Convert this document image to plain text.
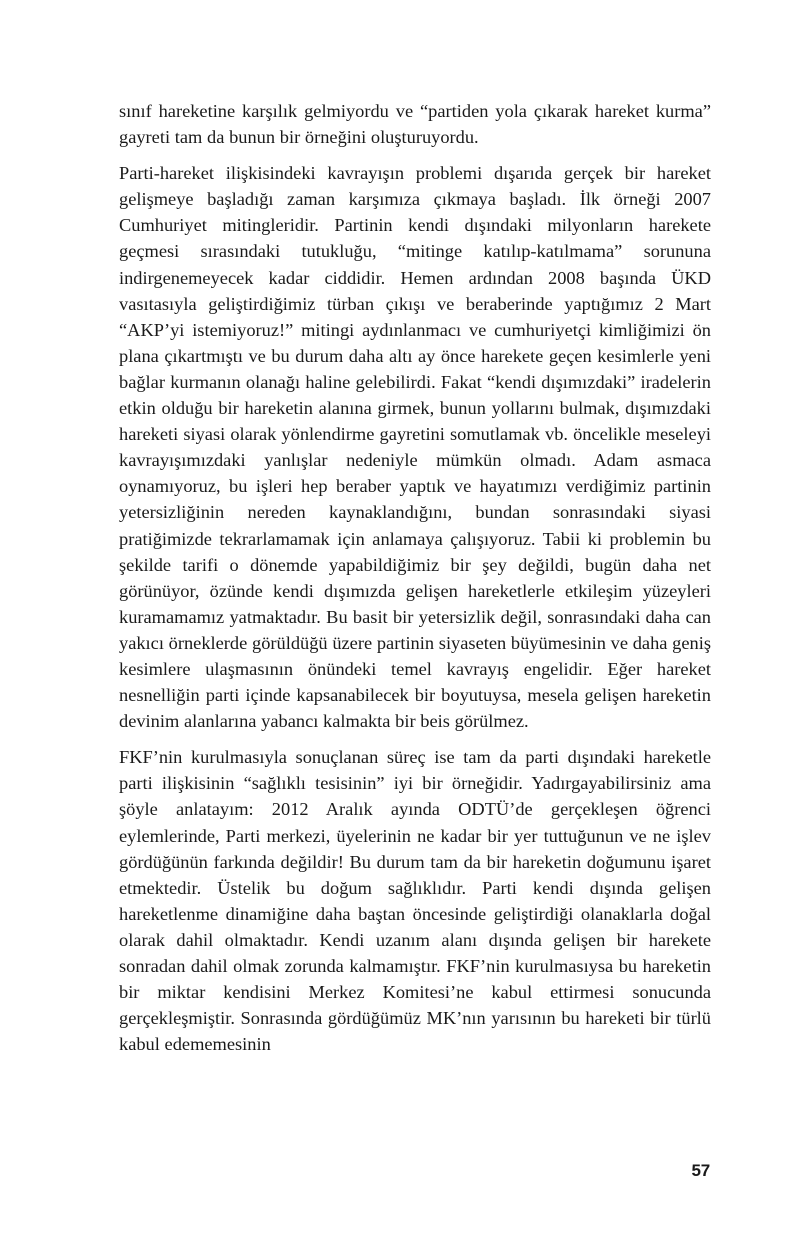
sınıf hareketine karşılık gelmiyordu ve “partiden yola çıkarak hareket kurma” gayreti tam da bunun bir örneğini oluşturuyordu.

Parti-hareket ilişkisindeki kavrayışın problemi dışarıda gerçek bir hareket gelişmeye başladığı zaman karşımıza çıkmaya başladı. İlk örneği 2007 Cumhuriyet mitingleridir. Partinin kendi dışındaki milyonların harekete geçmesi sırasındaki tutukluğu, “mitinge katılıp-katılmama” sorununa indirgenemeyecek kadar ciddidir. Hemen ardından 2008 başında ÜKD vasıtasıyla geliştirdiğimiz türban çıkışı ve beraberinde yaptığımız 2 Mart “AKP’yi istemiyoruz!” mitingi aydınlanmacı ve cumhuriyetçi kimliğimizi ön plana çıkartmıştı ve bu durum daha altı ay önce harekete geçen kesimlerle yeni bağlar kurmanın olanağı haline gelebilirdi. Fakat “kendi dışımızdaki” iradelerin etkin olduğu bir hareketin alanına girmek, bunun yollarını bulmak, dışımızdaki hareketi siyasi olarak yönlendirme gayretini somutlamak vb. öncelikle meseleyi kavrayışımızdaki yanlışlar nedeniyle mümkün olmadı. Adam asmaca oynamıyoruz, bu işleri hep beraber yaptık ve hayatımızı verdiğimiz partinin yetersizliğinin nereden kaynaklandığını, bundan sonrasındaki siyasi pratiğimizde tekrarlamamak için anlamaya çalışıyoruz. Tabii ki problemin bu şekilde tarifi o dönemde yapabildiğimiz bir şey değildi, bugün daha net görünüyor, özünde kendi dışımızda gelişen hareketlerle etkileşim yüzeyleri kuramamamız yatmaktadır. Bu basit bir yetersizlik değil, sonrasındaki daha can yakıcı örneklerde görüldüğü üzere partinin siyaseten büyümesinin ve daha geniş kesimlere ulaşmasının önündeki temel kavrayış engelidir. Eğer hareket nesnelliğin parti içinde kapsanabilecek bir boyutuysa, mesela gelişen hareketin devinim alanlarına yabancı kalmakta bir beis görülmez.

FKF’nin kurulmasıyla sonuçlanan süreç ise tam da parti dışındaki hareketle parti ilişkisinin “sağlıklı tesisinin” iyi bir örneğidir. Yadırgayabilirsiniz ama şöyle anlatayım: 2012 Aralık ayında ODTÜ’de gerçekleşen öğrenci eylemlerinde, Parti merkezi, üyelerinin ne kadar bir yer tuttuğunun ve ne işlev gördüğünün farkında değildir! Bu durum tam da bir hareketin doğumunu işaret etmektedir. Üstelik bu doğum sağlıklıdır. Parti kendi dışında gelişen hareketlenme dinamiğine daha baştan öncesinde geliştirdiği olanaklarla doğal olarak dahil olmaktadır. Kendi uzanım alanı dışında gelişen bir harekete sonradan dahil olmak zorunda kalmamıştır. FKF’nin kurulmasıysa bu hareketin bir miktar kendisini Merkez Komitesi’ne kabul ettirmesi sonucunda gerçekleşmiştir. Sonrasında gördüğümüz MK’nın yarısının bu hareketi bir türlü kabul edememesinin

57
